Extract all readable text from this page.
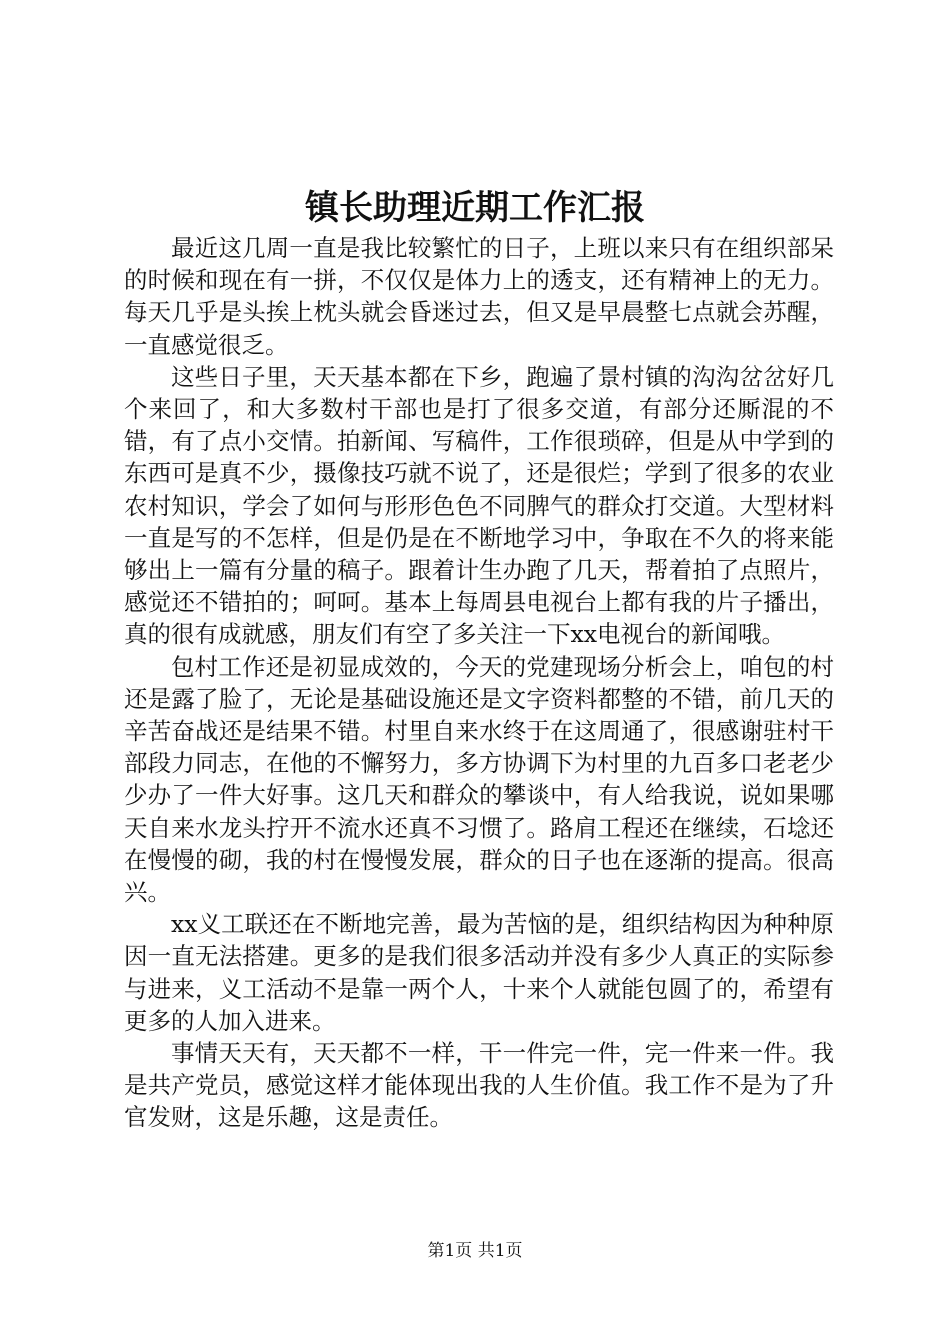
镇长助理近期工作汇报

最近这几周一直是我比较繁忙的日子，上班以来只有在组织部呆的时候和现在有一拼，不仅仅是体力上的透支，还有精神上的无力。每天几乎是头挨上枕头就会昏迷过去，但又是早晨整七点就会苏醒，一直感觉很乏。

这些日子里，天天基本都在下乡，跑遍了景村镇的沟沟岔岔好几个来回了，和大多数村干部也是打了很多交道，有部分还厮混的不错，有了点小交情。拍新闻、写稿件，工作很琐碎，但是从中学到的东西可是真不少，摄像技巧就不说了，还是很烂；学到了很多的农业农村知识，学会了如何与形形色色不同脾气的群众打交道。大型材料一直是写的不怎样，但是仍是在不断地学习中，争取在不久的将来能够出上一篇有分量的稿子。跟着计生办跑了几天，帮着拍了点照片，感觉还不错拍的；呵呵。基本上每周县电视台上都有我的片子播出，真的很有成就感，朋友们有空了多关注一下xx电视台的新闻哦。

包村工作还是初显成效的，今天的党建现场分析会上，咱包的村还是露了脸了，无论是基础设施还是文字资料都整的不错，前几天的辛苦奋战还是结果不错。村里自来水终于在这周通了，很感谢驻村干部段力同志，在他的不懈努力，多方协调下为村里的九百多口老老少少办了一件大好事。这几天和群众的攀谈中，有人给我说，说如果哪天自来水龙头拧开不流水还真不习惯了。路肩工程还在继续，石埝还在慢慢的砌，我的村在慢慢发展，群众的日子也在逐渐的提高。很高兴。

xx义工联还在不断地完善，最为苦恼的是，组织结构因为种种原因一直无法搭建。更多的是我们很多活动并没有多少人真正的实际参与进来，义工活动不是靠一两个人，十来个人就能包圆了的，希望有更多的人加入进来。

事情天天有，天天都不一样，干一件完一件，完一件来一件。我是共产党员，感觉这样才能体现出我的人生价值。我工作不是为了升官发财，这是乐趣，这是责任。

第1页 共1页
